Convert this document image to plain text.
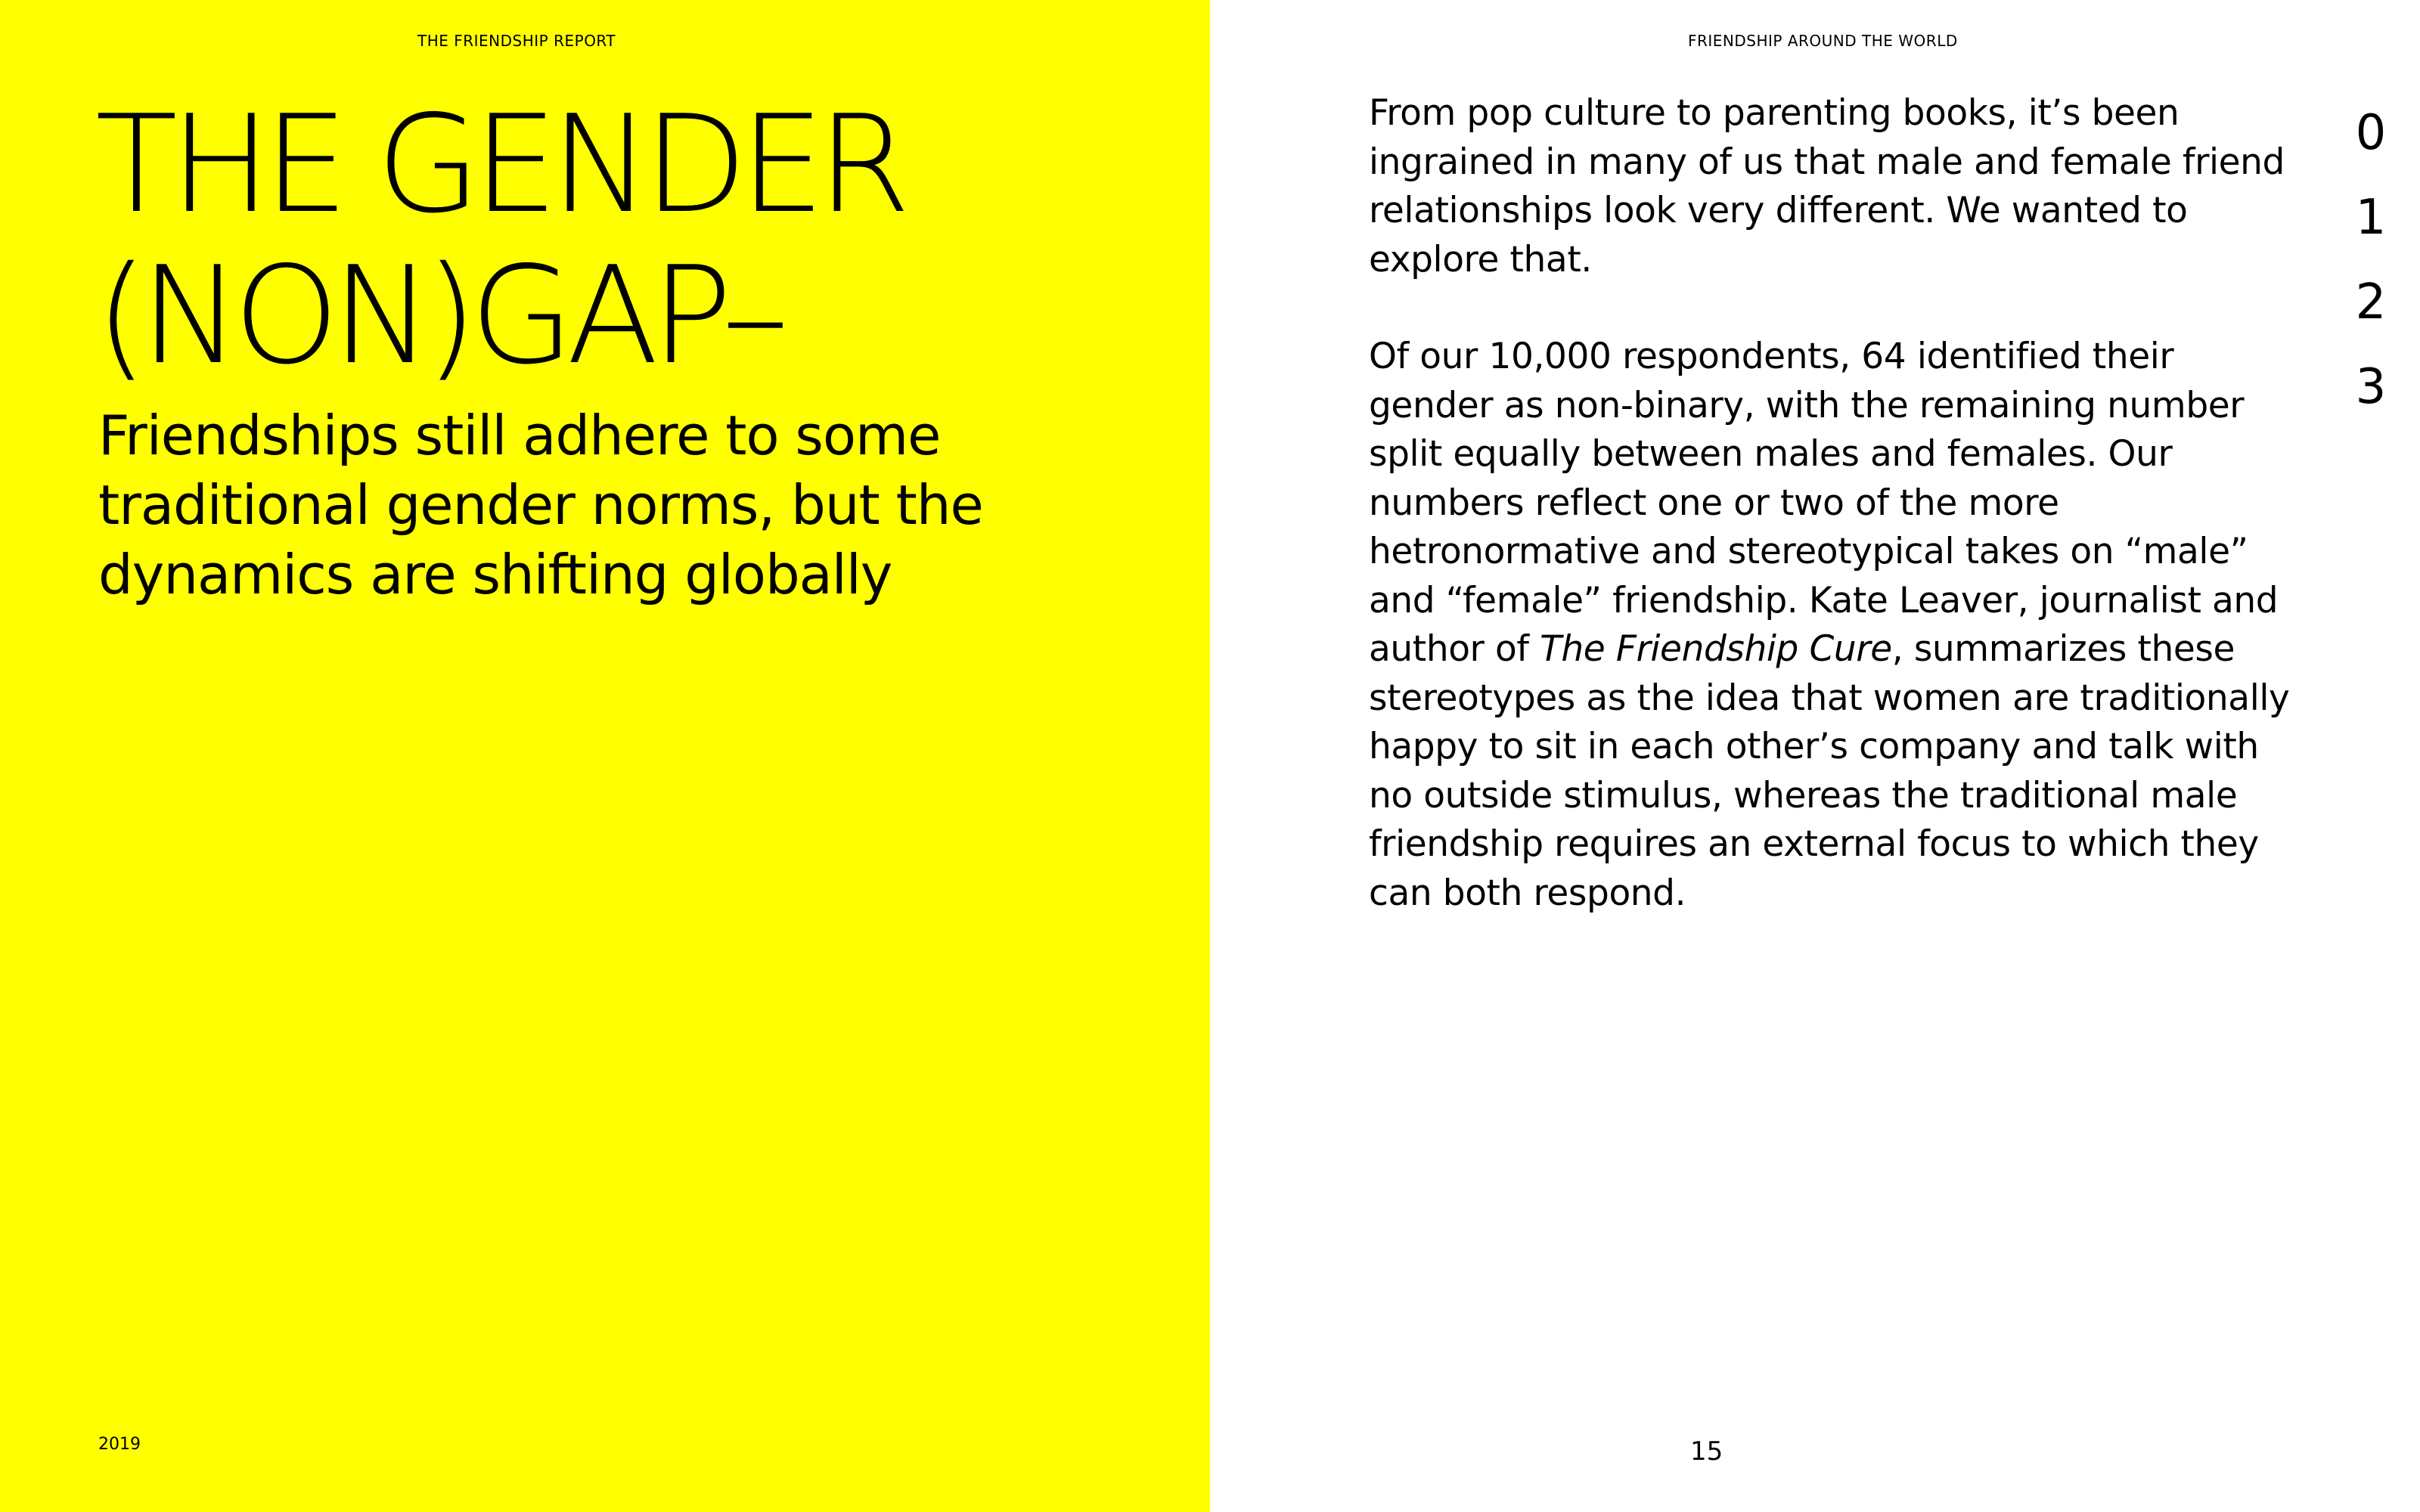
THE FRIENDSHIP REPORT
THE GENDER
(NON)GAP–
Friendships still adhere to some traditional gender norms, but the dynamics are shifting globally
2019
FRIENDSHIP AROUND THE WORLD

From pop culture to parenting books, it’s been ingrained in many of us that male and female friend relationships look very different. We wanted to explore that.

Of our 10,000 respondents, 64 identified their gender as non-binary, with the remaining number split equally between males and females. Our numbers reflect one or two of the more hetronormative and stereotypical takes on “male” and “female” friendship. Kate Leaver, journalist and author of The Friendship Cure, summarizes these stereotypes as the idea that women are traditionally happy to sit in each other’s company and talk with no outside stimulus, whereas the traditional male friendship requires an external focus to which they can both respond.

0
1
2
3
15
